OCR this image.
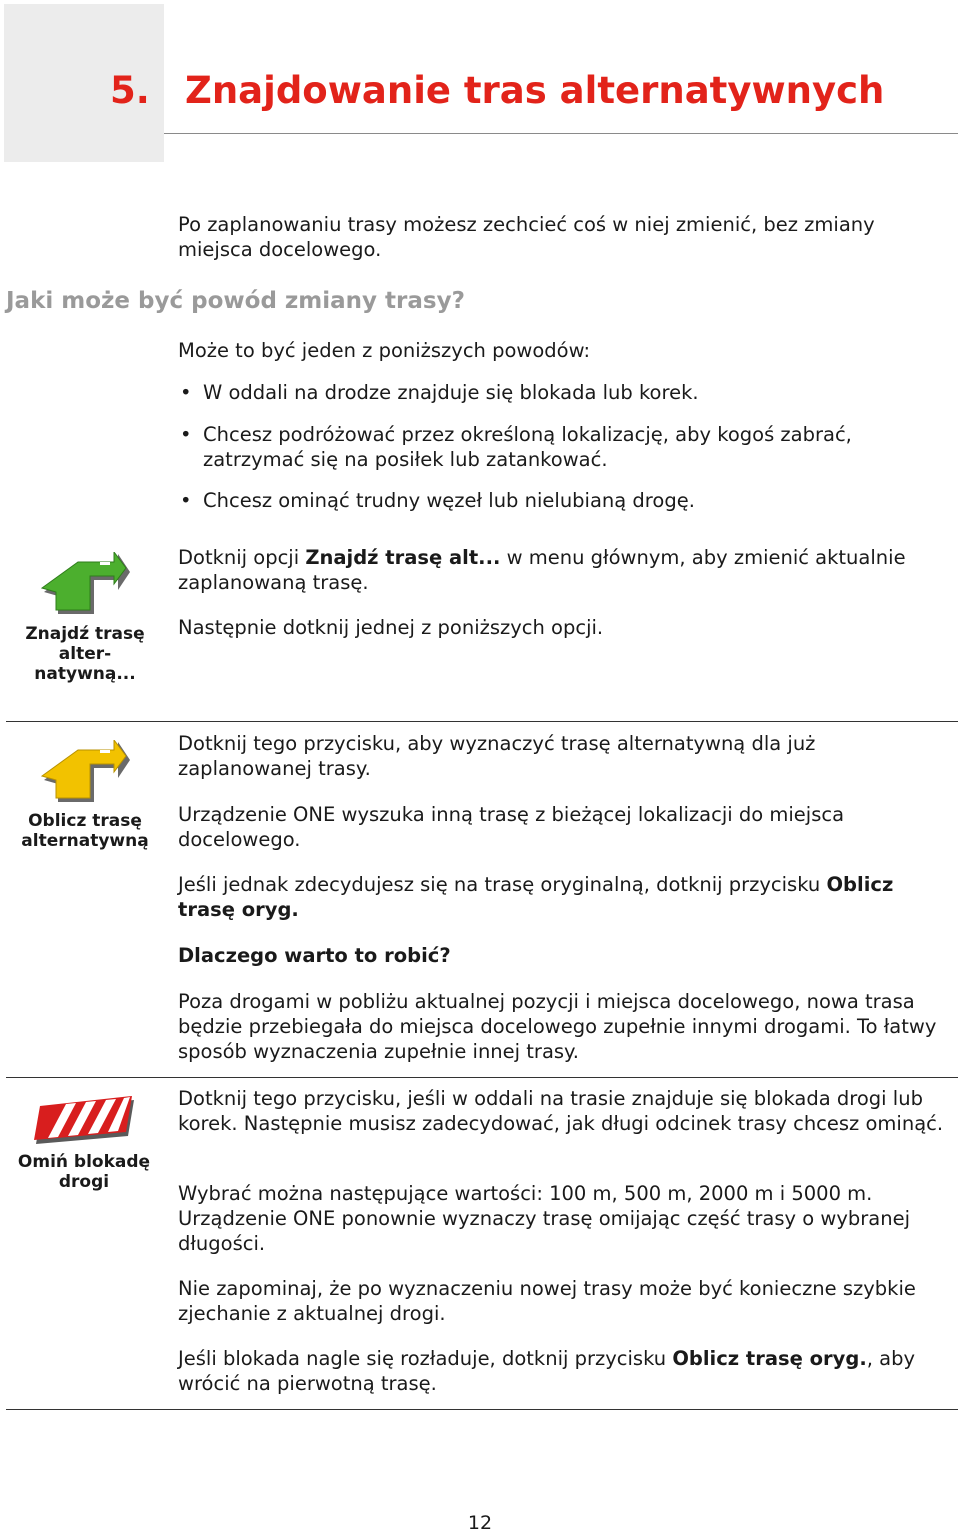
5. Znajdowanie tras alternatywnych

Po zaplanowaniu trasy możesz zechcieć coś w niej zmienić, bez zmiany miejsca docelowego.

Jaki może być powód zmiany trasy?

Może to być jeden z poniższych powodów:

• W oddali na drodze znajduje się blokada lub korek.
• Chcesz podróżować przez określoną lokalizację, aby kogoś zabrać, zatrzymać się na posiłek lub zatankować.
• Chcesz ominąć trudny węzeł lub nielubianą drogę.
Znajdź trasę
alter-
natywną...

Dotknij opcji Znajdź trasę alt... w menu głównym, aby zmienić aktualnie zaplanowaną trasę.

Następnie dotknij jednej z poniższych opcji.

Oblicz trasę
alternatywną

Dotknij tego przycisku, aby wyznaczyć trasę alternatywną dla już zaplanowanej trasy.

Urządzenie ONE wyszuka inną trasę z bieżącej lokalizacji do miejsca docelowego.

Jeśli jednak zdecydujesz się na trasę oryginalną, dotknij przycisku Oblicz trasę oryg.

Dlaczego warto to robić?

Poza drogami w pobliżu aktualnej pozycji i miejsca docelowego, nowa trasa będzie przebiegała do miejsca docelowego zupełnie innymi drogami. To łatwy sposób wyznaczenia zupełnie innej trasy.

Omiń blokadę
drogi

Dotknij tego przycisku, jeśli w oddali na trasie znajduje się blokada drogi lub korek. Następnie musisz zadecydować, jak długi odcinek trasy chcesz ominąć.

Wybrać można następujące wartości: 100 m, 500 m, 2000 m i 5000 m. Urządzenie ONE ponownie wyznaczy trasę omijając część trasy o wybranej długości.

Nie zapominaj, że po wyznaczeniu nowej trasy może być konieczne szybkie zjechanie z aktualnej drogi.

Jeśli blokada nagle się rozładuje, dotknij przycisku Oblicz trasę oryg., aby wrócić na pierwotną trasę.

12
